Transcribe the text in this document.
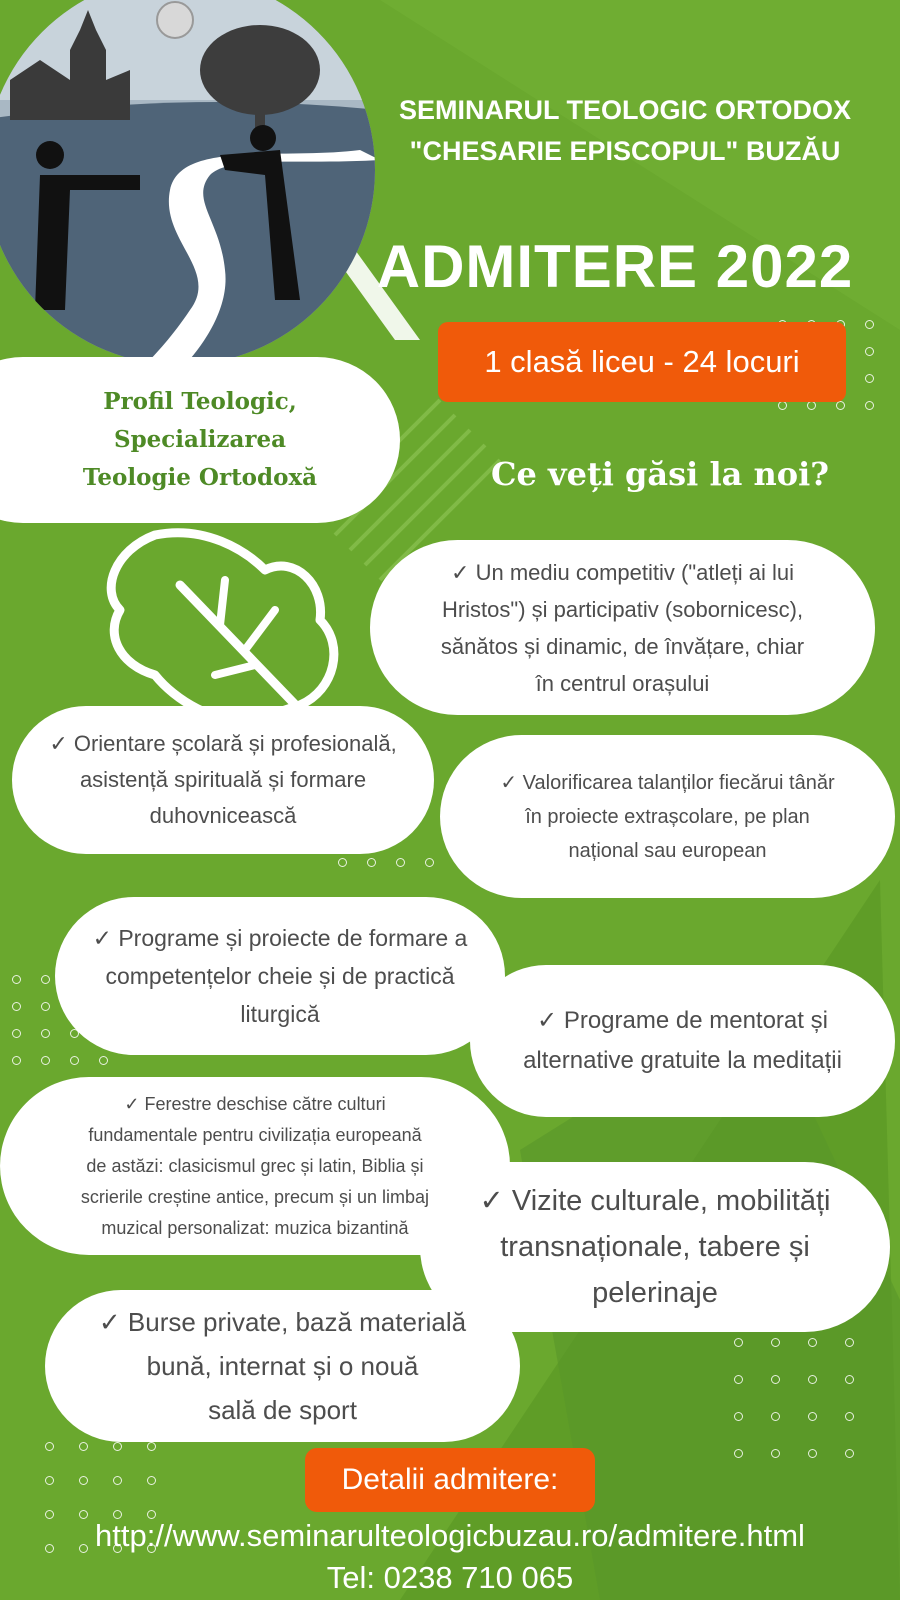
SEMINARUL TEOLOGIC ORTODOX
"CHESARIE EPISCOPUL" BUZĂU
ADMITERE 2022
1 clasă liceu - 24 locuri
Profil Teologic,
Specializarea
Teologie Ortodoxă	Ce veți găsi la noi?
✓ Un mediu competitiv ("atleți ai lui
Hristos") și participativ (sobornicesc),
sănătos și dinamic, de învățare, chiar
în centrul orașului
✓ Orientare școlară și profesională,
asistență spirituală și formare
duhovnicească
✓ Valorificarea talanților fiecărui tânăr
în proiecte extrașcolare, pe plan
național sau european
✓ Programe și proiecte de formare a
competențelor cheie și de practică
liturgică	✓ Programe de mentorat și
alternative gratuite la meditații
✓ Ferestre deschise către culturi
fundamentale pentru civilizația europeană
de astăzi: clasicismul grec și latin, Biblia și
scrierile creștine antice, precum și un limbaj
muzical personalizat: muzica bizantină
✓ Vizite culturale, mobilități
transnaționale, tabere și
pelerinaje
✓ Burse private, bază materială
bună, internat și o nouă
sală de sport
Detalii admitere:
http://www.seminarulteologicbuzau.ro/admitere.html
Tel: 0238 710 065
